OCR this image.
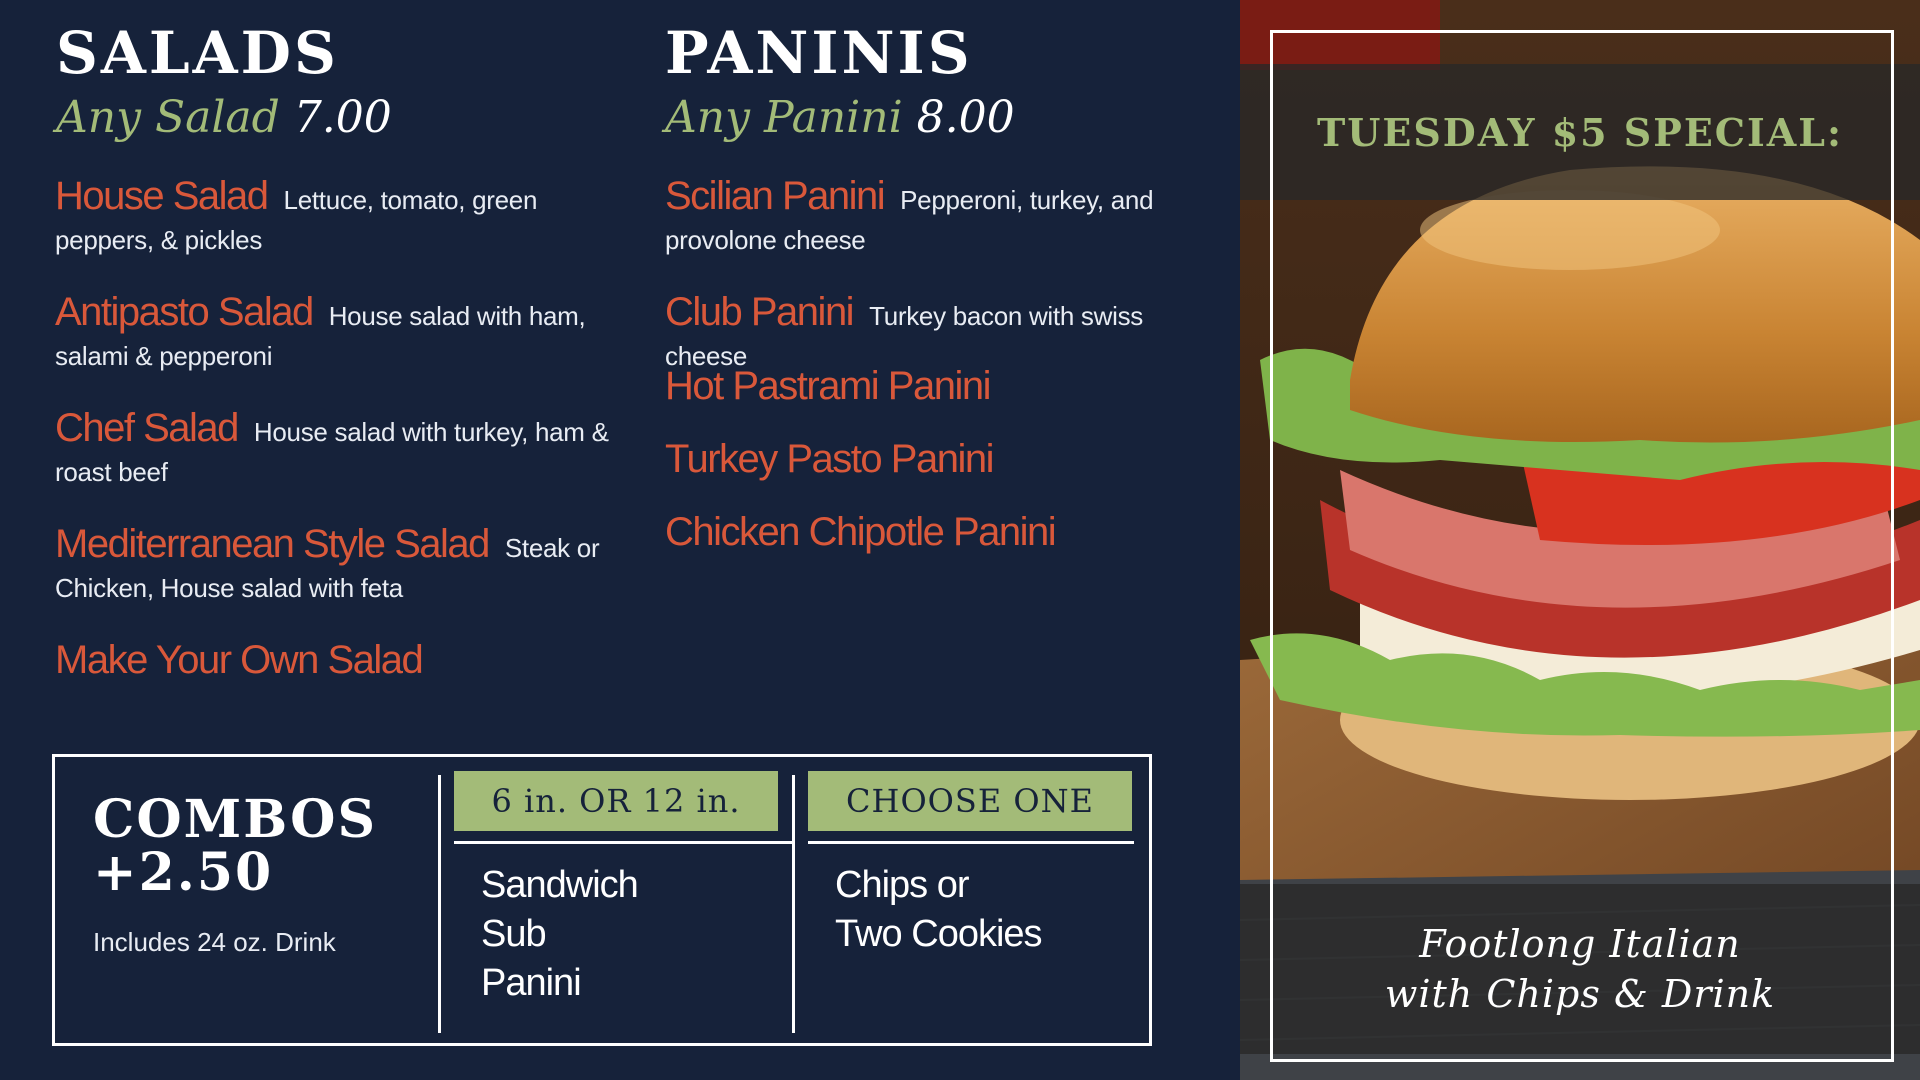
SALADS
Any Salad 7.00
House Salad Lettuce, tomato, green peppers, & pickles
Antipasto Salad House salad with ham, salami & pepperoni
Chef Salad House salad with turkey, ham & roast beef
Mediterranean Style Salad Steak or Chicken, House salad with feta
Make Your Own Salad
PANINIS
Any Panini 8.00
Scilian Panini Pepperoni, turkey, and provolone cheese
Club Panini Turkey bacon with swiss cheese
Hot Pastrami Panini
Turkey Pasto Panini
Chicken Chipotle Panini
COMBOS
+2.50
Includes 24 oz. Drink
6 in. OR 12 in.
Sandwich
Sub
Panini
CHOOSE ONE
Chips or
Two Cookies
TUESDAY $5 SPECIAL:
Footlong Italian
with Chips & Drink
